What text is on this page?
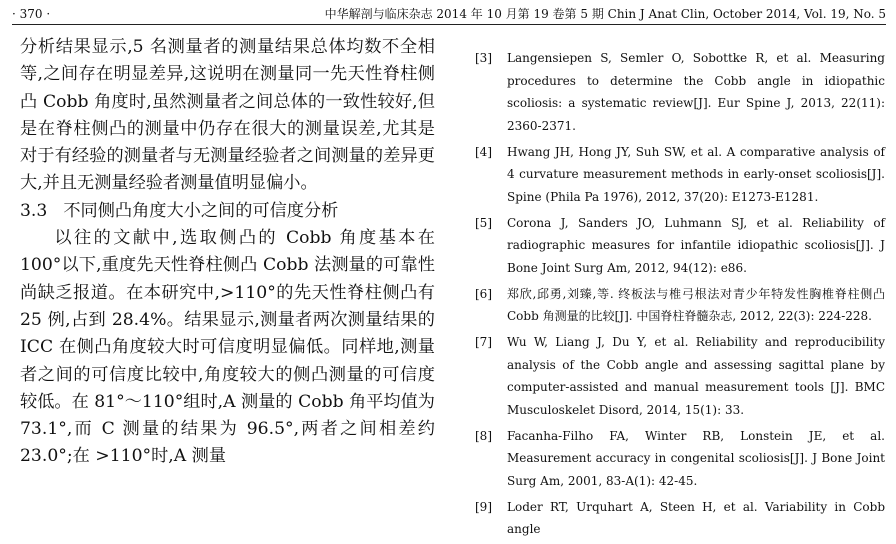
· 370 ·	中华解剖与临床杂志 2014 年 10 月第 19 卷第 5 期 Chin J Anat Clin, October 2014, Vol. 19, No. 5

分析结果显示,5 名测量者的测量结果总体均数不全相等,之间存在明显差异,这说明在测量同一先天性脊柱侧凸 Cobb 角度时,虽然测量者之间总体的一致性较好,但是在脊柱侧凸的测量中仍存在很大的测量误差,尤其是对于有经验的测量者与无测量经验者之间测量的差异更大,并且无测量经验者测量值明显偏小。

3.3 不同侧凸角度大小之间的可信度分析

以往的文献中,选取侧凸的 Cobb 角度基本在 100°以下,重度先天性脊柱侧凸 Cobb 法测量的可靠性尚缺乏报道。在本研究中,>110°的先天性脊柱侧凸有 25 例,占到 28.4%。结果显示,测量者两次测量结果的 ICC 在侧凸角度较大时可信度明显偏低。同样地,测量者之间的可信度比较中,角度较大的侧凸测量的可信度较低。在 81°～110°组时,A 测量的 Cobb 角平均值为 73.1°,而 C 测量的结果为 96.5°,两者之间相差约 23.0°;在 >110°时,A 测量

[3] Langensiepen S, Semler O, Sobottke R, et al. Measuring procedures to determine the Cobb angle in idiopathic scoliosis: a systematic review[J]. Eur Spine J, 2013, 22(11): 2360-2371.
[4] Hwang JH, Hong JY, Suh SW, et al. A comparative analysis of 4 curvature measurement methods in early-onset scoliosis[J]. Spine (Phila Pa 1976), 2012, 37(20): E1273-E1281.
[5] Corona J, Sanders JO, Luhmann SJ, et al. Reliability of radiographic measures for infantile idiopathic scoliosis[J]. J Bone Joint Surg Am, 2012, 94(12): e86.
[6] 郑欣,邱勇,刘臻,等. 终板法与椎弓根法对青少年特发性胸椎脊柱侧凸 Cobb 角测量的比较[J]. 中国脊柱脊髓杂志, 2012, 22(3): 224-228.
[7] Wu W, Liang J, Du Y, et al. Reliability and reproducibility analysis of the Cobb angle and assessing sagittal plane by computer-assisted and manual measurement tools [J]. BMC Musculoskelet Disord, 2014, 15(1): 33.
[8] Facanha-Filho FA, Winter RB, Lonstein JE, et al. Measurement accuracy in congenital scoliosis[J]. J Bone Joint Surg Am, 2001, 83-A(1): 42-45.
[9] Loder RT, Urquhart A, Steen H, et al. Variability in Cobb angle
